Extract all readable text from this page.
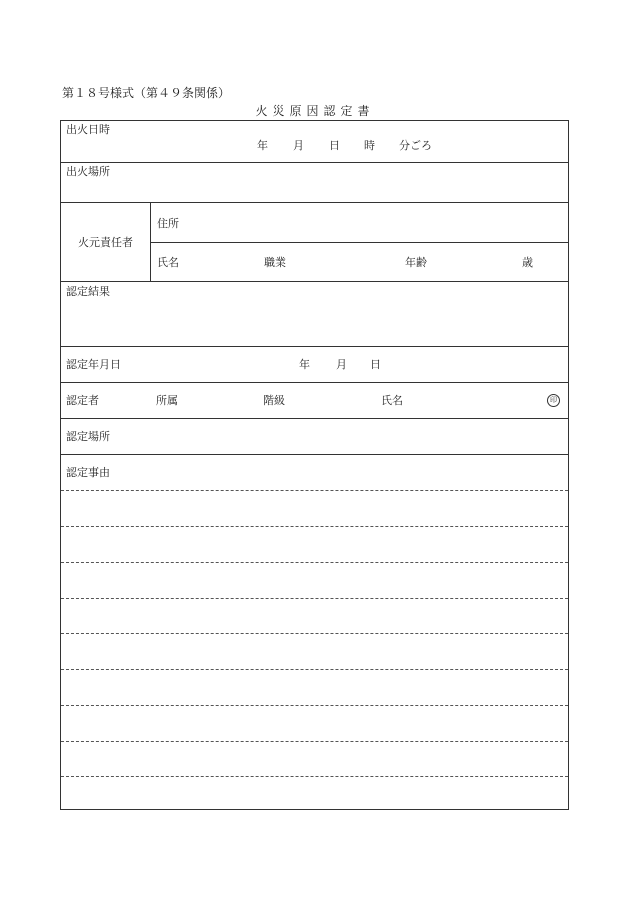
第１８号様式（第４９条関係）
火災原因認定書
出火日時
年 月 日 時 分ごろ
出火場所
火元責任者
住所
氏名	職業	年齢	歳
認定結果
認定年月日	年 月 日
認定者	所属	階級	氏名	印
認定場所
認定事由
